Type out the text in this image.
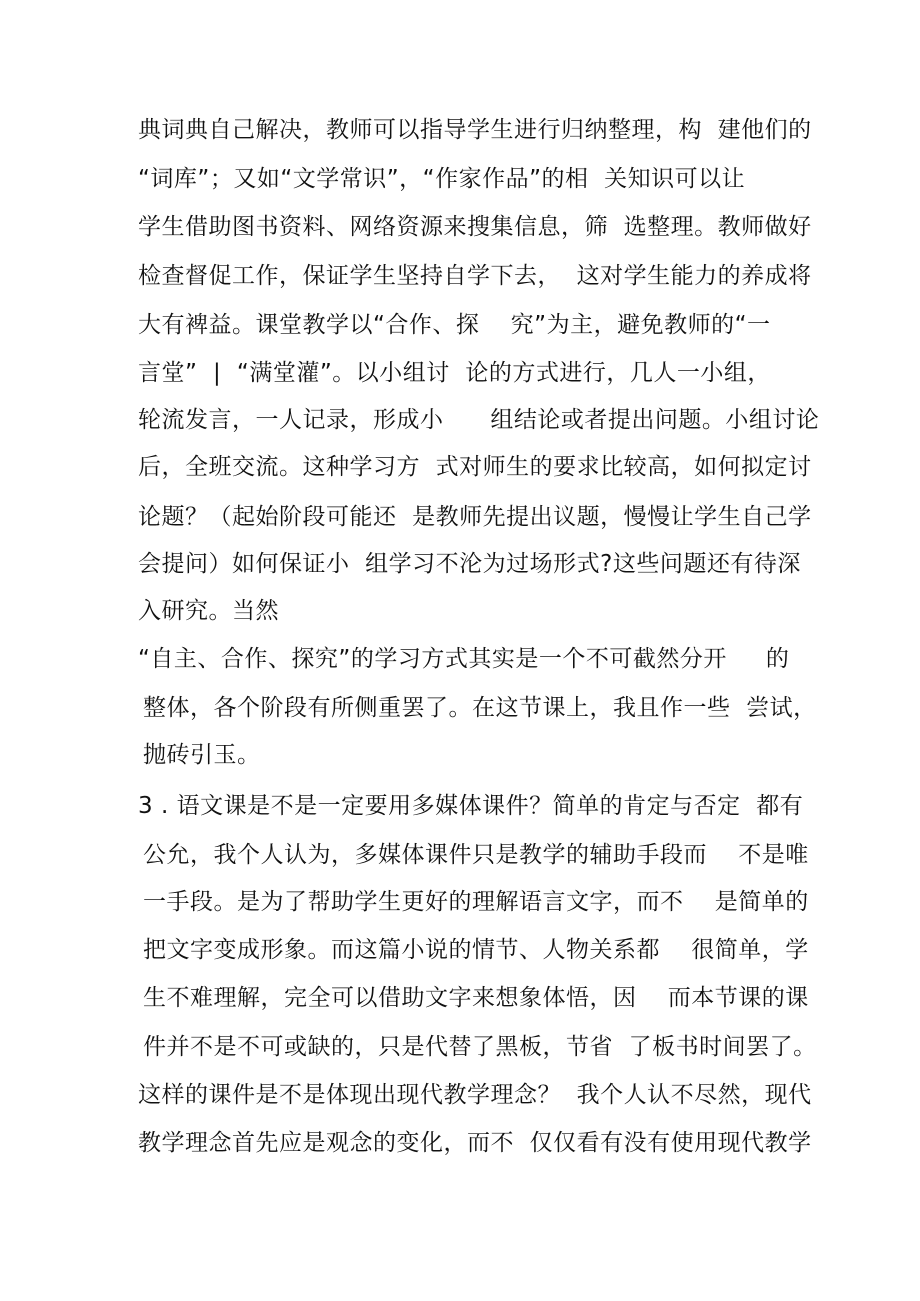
典词典自己解决，教师可以指导学生进行归纳整理，构  建他们的
“词库”；又如“文学常识”，“作家作品”的相  关知识可以让
学生借助图书资料、网络资源来搜集信息，筛  选整理。教师做好
检查督促工作，保证学生坚持自学下去，  这对学生能力的养成将
大有裨益。课堂教学以“合作、探    究”为主，避免教师的“一
言堂”  |  “满堂灌”。以小组讨  论的方式进行，几人一小组，
轮流发言，一人记录，形成小      组结论或者提出问题。小组讨论
后，全班交流。这种学习方  式对师生的要求比较高，如何拟定讨
论题？（起始阶段可能还  是教师先提出议题，慢慢让学生自己学
会提问）如何保证小  组学习不沦为过场形式?这些问题还有待深
入研究。当然
“自主、合作、探究”的学习方式其实是一个不可截然分开     的
整体，各个阶段有所侧重罢了。在这节课上，我且作一些  尝试，
抛砖引玉。
3 . 语文课是不是一定要用多媒体课件？简单的肯定与否定  都有
公允，我个人认为，多媒体课件只是教学的辅助手段而    不是唯
一手段。是为了帮助学生更好的理解语言文字，而不    是简单的
把文字变成形象。而这篇小说的情节、人物关系都    很简单，学
生不难理解，完全可以借助文字来想象体悟，因    而本节课的课
件并不是不可或缺的，只是代替了黑板，节省  了板书时间罢了。
这样的课件是不是体现出现代教学理念？  我个人认不尽然，现代
教学理念首先应是观念的变化，而不  仅仅看有没有使用现代教学
